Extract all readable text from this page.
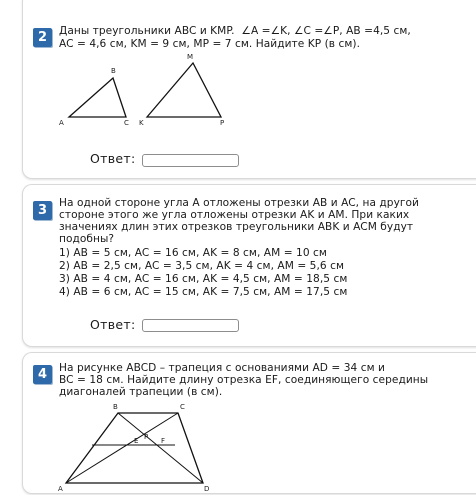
2	Даны треугольники ABC и KMP.  ∠A =∠K, ∠C =∠P, AB =4,5 см,
AC = 4,6 см, KM = 9 см, MP = 7 см. Найдите KP (в см).
A
B
C K
M
P
Ответ:
3	На одной стороне угла A отложены отрезки AB и AC, на другой
стороне этого же угла отложены отрезки AK и AM. При каких
значениях длин этих отрезков треугольники ABK и ACM будут
подобны?
1) AB = 5 см, AC = 16 см, AK = 8 см, AM = 10 см
2) AB = 2,5 см, AC = 3,5 см, AK = 4 см, AM = 5,6 см
3) AB = 4 см, AC = 16 см, AK = 4,5 см, AM = 18,5 см
4) AB = 6 см, AC = 15 см, AK = 7,5 см, AM = 17,5 см
Ответ:
4	На рисунке ABCD – трапеция с основаниями AD = 34 см и
BC = 18 см. Найдите длину отрезка EF, соединяющего середины
диагоналей трапеции (в см).
B	C
P
E	F
A	D
